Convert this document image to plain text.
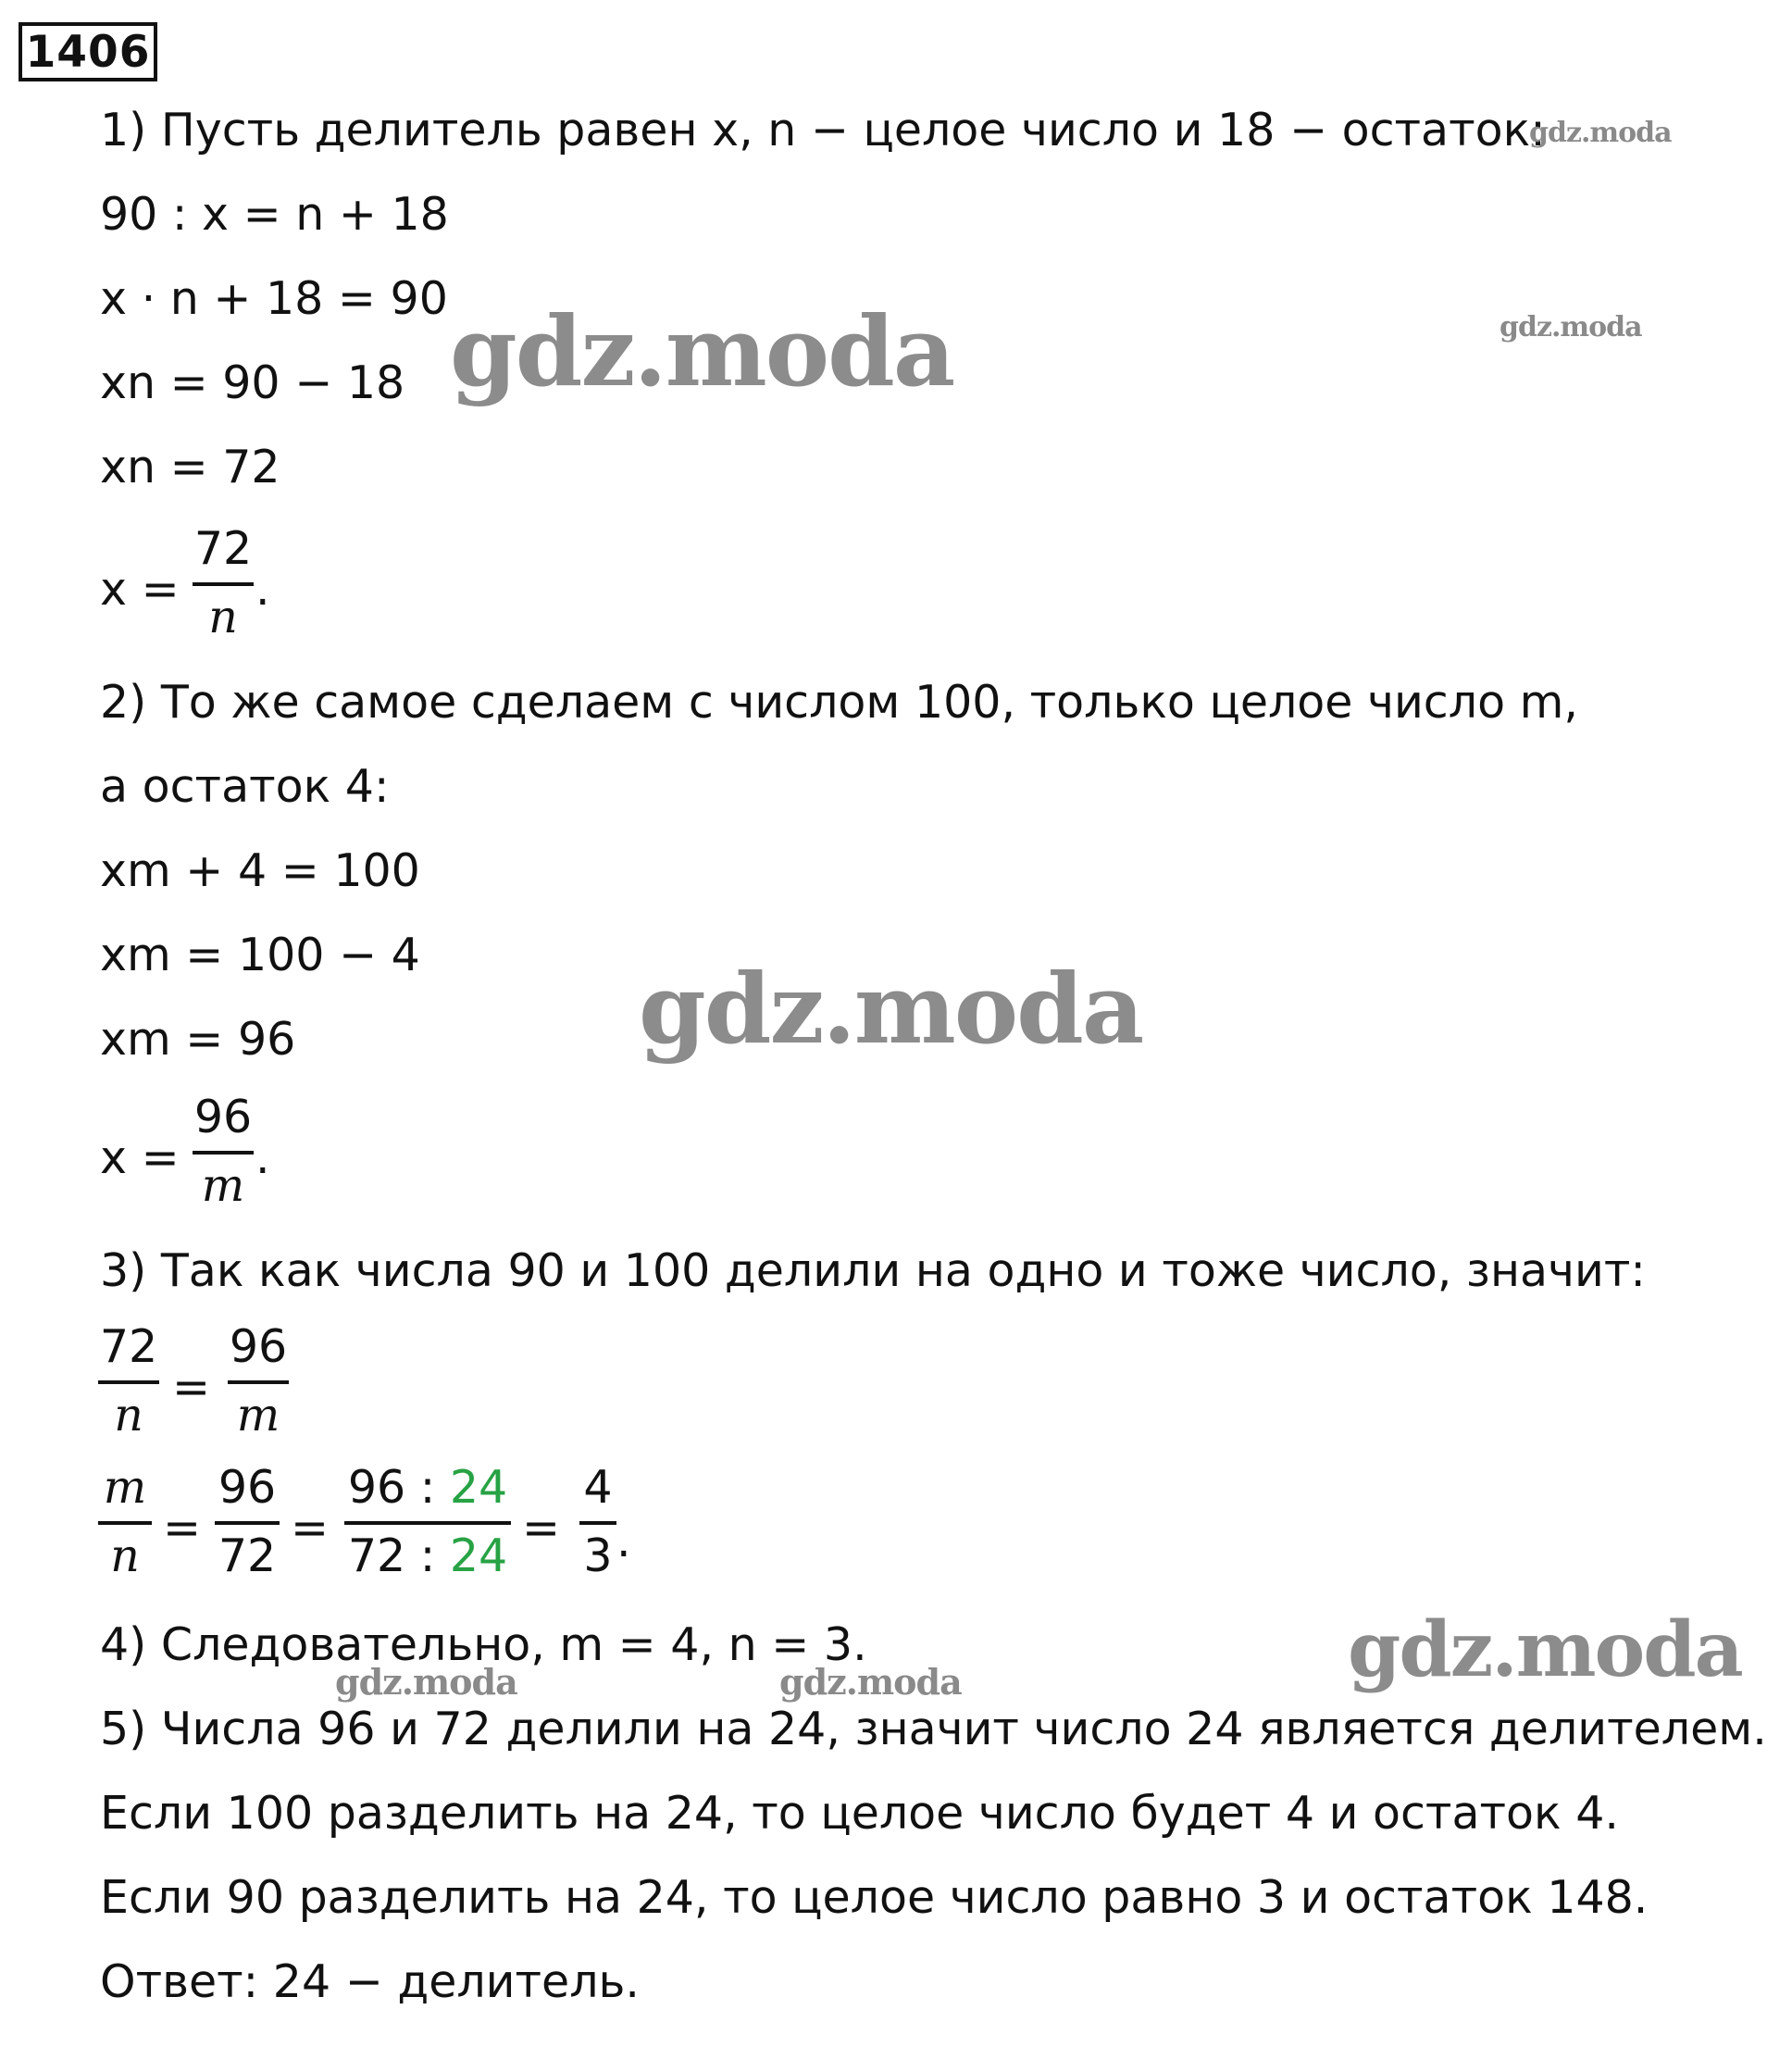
1406
1) Пусть делитель равен x, n − целое число и 18 − остаток:
90 : x = n + 18
x · n + 18 = 90
xn = 90 − 18
xn = 72
x =
72
n
.
2) То же самое сделаем с числом 100, только целое число m,
а остаток 4:
xm + 4 = 100
xm = 100 − 4
xm = 96
x =
96
m
.
3) Так как числа 90 и 100 делили на одно и тоже число, значит:
72
n
=
96
m
m
n
=
96
72
=
96 : 24
72 : 24
=
4
3 .
4) Следовательно, m = 4, n = 3.
5) Числа 96 и 72 делили на 24, значит число 24 является делителем.
Если 100 разделить на 24, то целое число будет 4 и остаток 4.
Если 90 разделить на 24, то целое число равно 3 и остаток 148.
Ответ: 24 − делитель.
gdz.moda
gdz.moda
gdz.moda
gdz.moda
gdz.moda
gdz.moda	gdz.moda
